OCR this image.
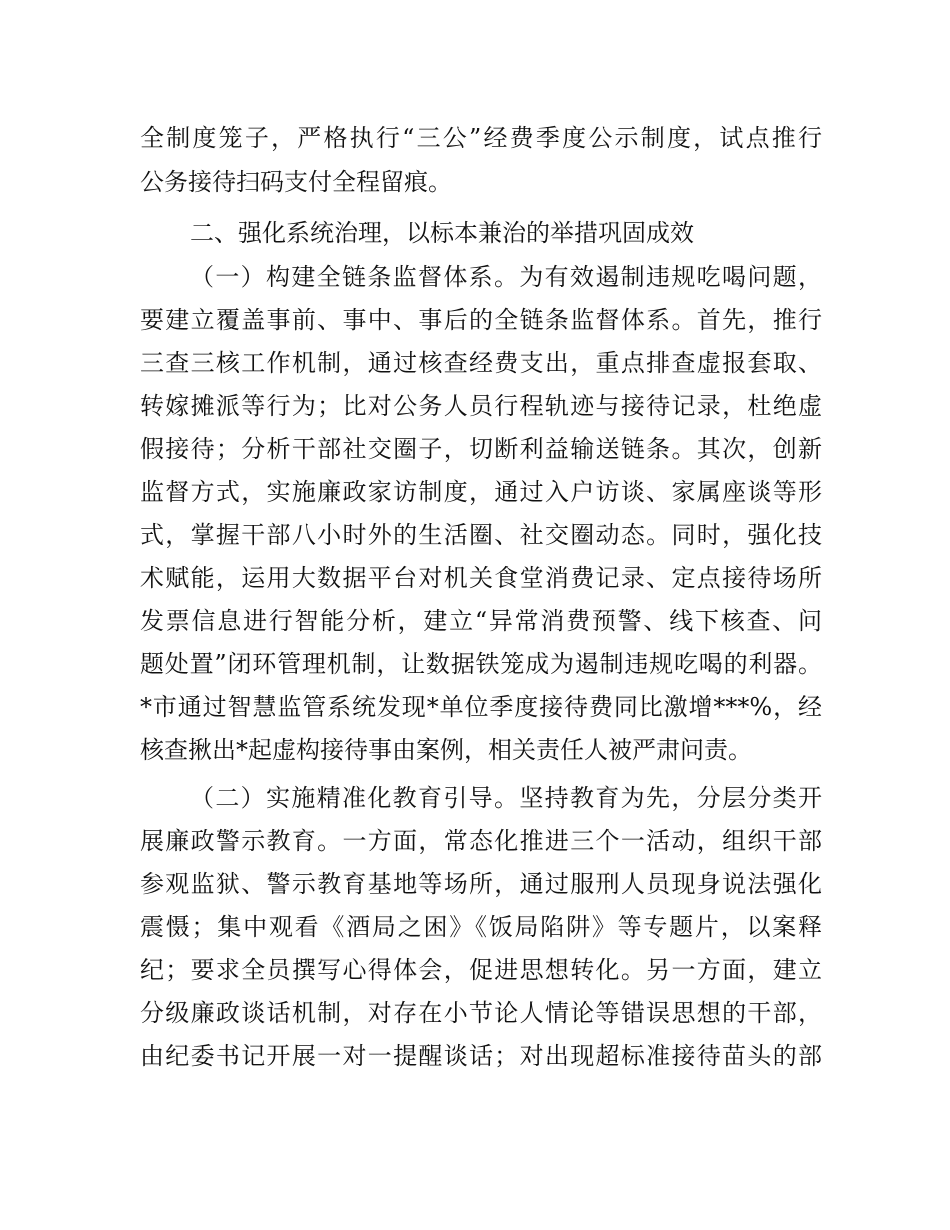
全制度笼子，严格执行“三公”经费季度公示制度，试点推行
公务接待扫码支付全程留痕。
二、强化系统治理，以标本兼治的举措巩固成效
（一）构建全链条监督体系。为有效遏制违规吃喝问题，
要建立覆盖事前、事中、事后的全链条监督体系。首先，推行
三查三核工作机制，通过核查经费支出，重点排查虚报套取、
转嫁摊派等行为；比对公务人员行程轨迹与接待记录，杜绝虚
假接待；分析干部社交圈子，切断利益输送链条。其次，创新
监督方式，实施廉政家访制度，通过入户访谈、家属座谈等形
式，掌握干部八小时外的生活圈、社交圈动态。同时，强化技
术赋能，运用大数据平台对机关食堂消费记录、定点接待场所
发票信息进行智能分析，建立“异常消费预警、线下核查、问
题处置”闭环管理机制，让数据铁笼成为遏制违规吃喝的利器。
*市通过智慧监管系统发现*单位季度接待费同比激增***%，经
核查揪出*起虚构接待事由案例，相关责任人被严肃问责。
（二）实施精准化教育引导。坚持教育为先，分层分类开
展廉政警示教育。一方面，常态化推进三个一活动，组织干部
参观监狱、警示教育基地等场所，通过服刑人员现身说法强化
震慑；集中观看《酒局之困》《饭局陷阱》等专题片，以案释
纪；要求全员撰写心得体会，促进思想转化。另一方面，建立
分级廉政谈话机制，对存在小节论人情论等错误思想的干部，
由纪委书记开展一对一提醒谈话；对出现超标准接待苗头的部
